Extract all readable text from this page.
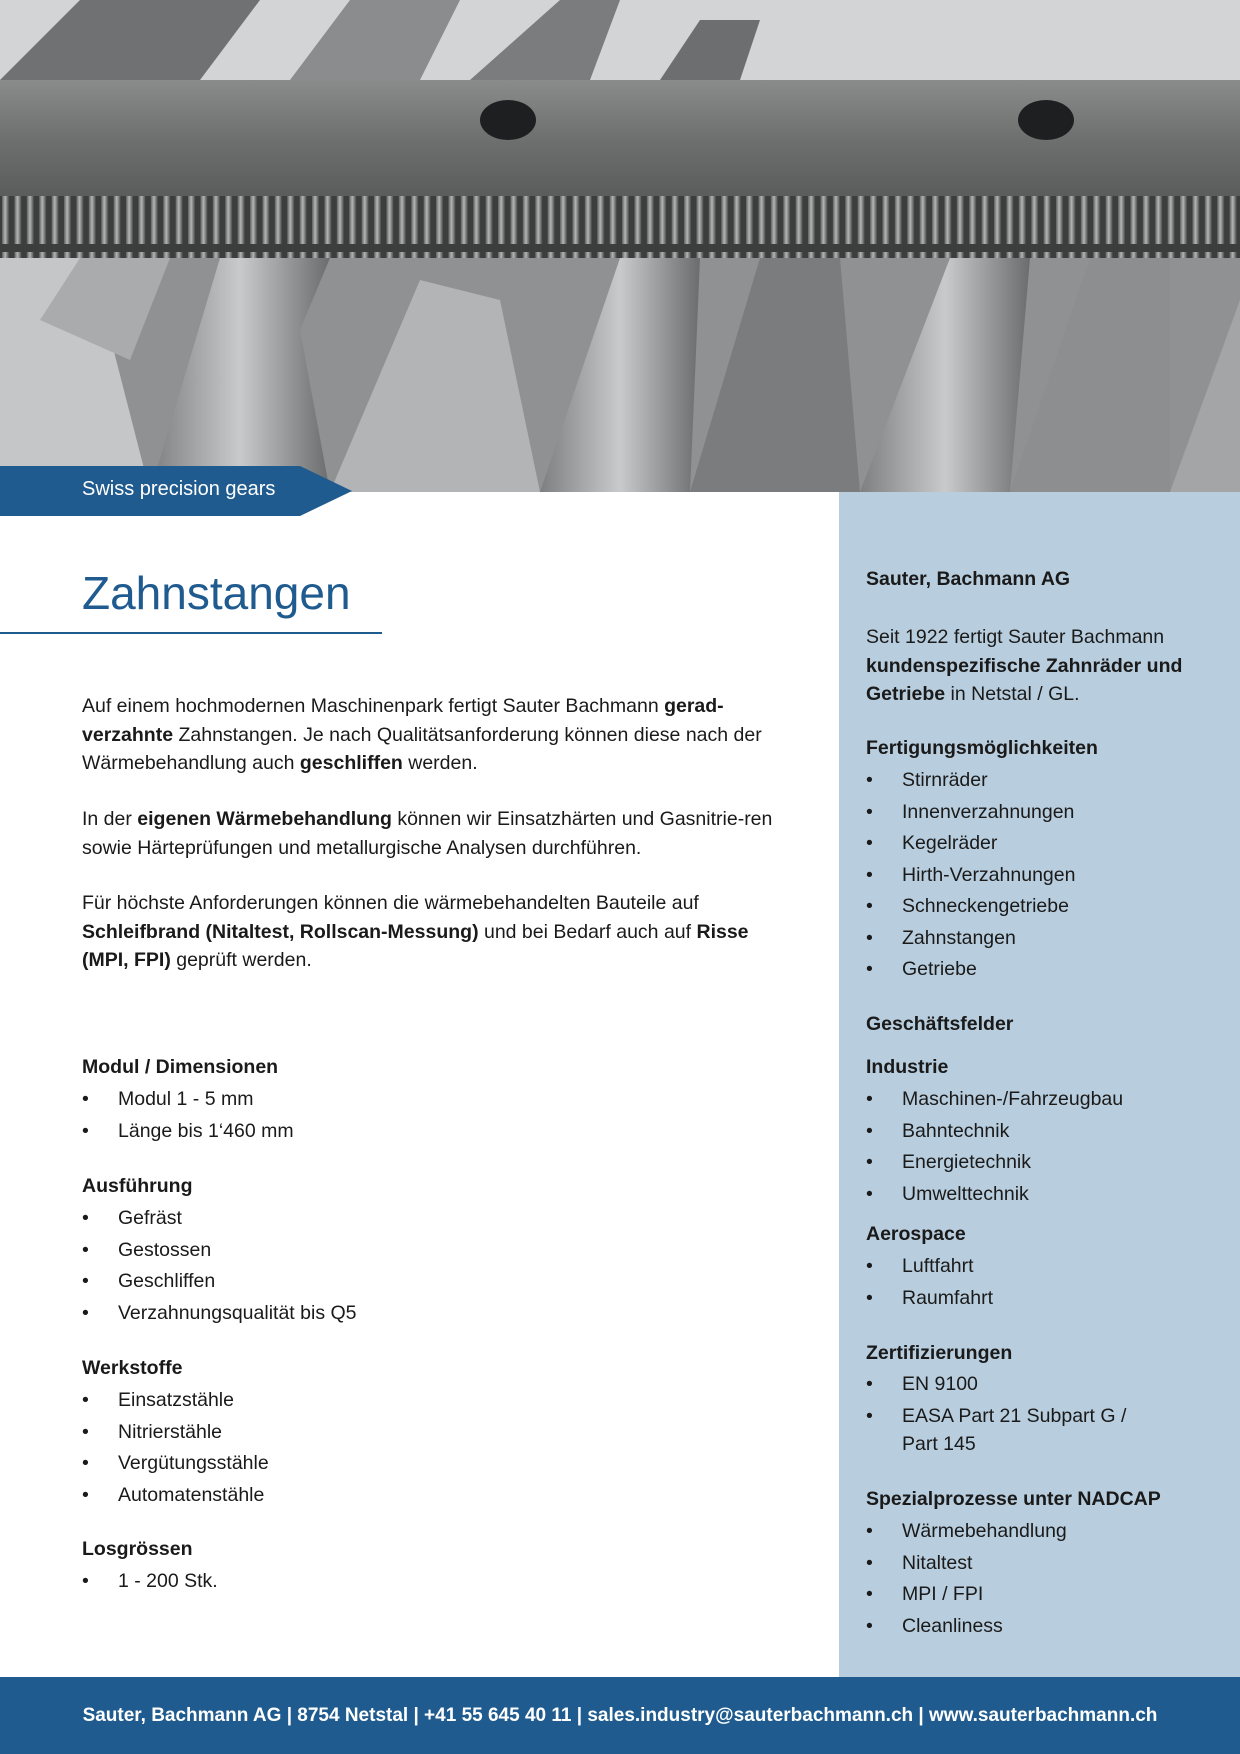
Swiss precision gears
Zahnstangen

Auf einem hochmodernen Maschinenpark fertigt Sauter Bachmann gerad-verzahnte Zahnstangen. Je nach Qualitätsanforderung können diese nach der Wärmebehandlung auch geschliffen werden.

In der eigenen Wärmebehandlung können wir Einsatzhärten und Gasnitrie-ren sowie Härteprüfungen und metallurgische Analysen durchführen.

Für höchste Anforderungen können die wärmebehandelten Bauteile auf Schleifbrand (Nitaltest, Rollscan-Messung) und bei Bedarf auch auf Risse (MPI, FPI) geprüft werden.

Modul / Dimensionen
• Modul 1 - 5 mm
• Länge bis 1‘460 mm
Ausführung
• Gefräst
• Gestossen
• Geschliffen
• Verzahnungsqualität bis Q5
Werkstoffe
• Einsatzstähle
• Nitrierstähle
• Vergütungsstähle
• Automatenstähle
Losgrössen
• 1 - 200 Stk.
Sauter, Bachmann AG

Seit 1922 fertigt Sauter Bachmann kundenspezifische Zahnräder und Getriebe in Netstal / GL.

Fertigungsmöglichkeiten
• Stirnräder
• Innenverzahnungen
• Kegelräder
• Hirth-Verzahnungen
• Schneckengetriebe
• Zahnstangen
• Getriebe
Geschäftsfelder
Industrie
• Maschinen-/Fahrzeugbau
• Bahntechnik
• Energietechnik
• Umwelttechnik
Aerospace
• Luftfahrt
• Raumfahrt
Zertifizierungen
• EN 9100
• EASA Part 21 Subpart G / Part 145
Spezialprozesse unter NADCAP
• Wärmebehandlung
• Nitaltest
• MPI / FPI
• Cleanliness
Sauter, Bachmann AG | 8754 Netstal | +41 55 645 40 11 | sales.industry@sauterbachmann.ch | www.sauterbachmann.ch
